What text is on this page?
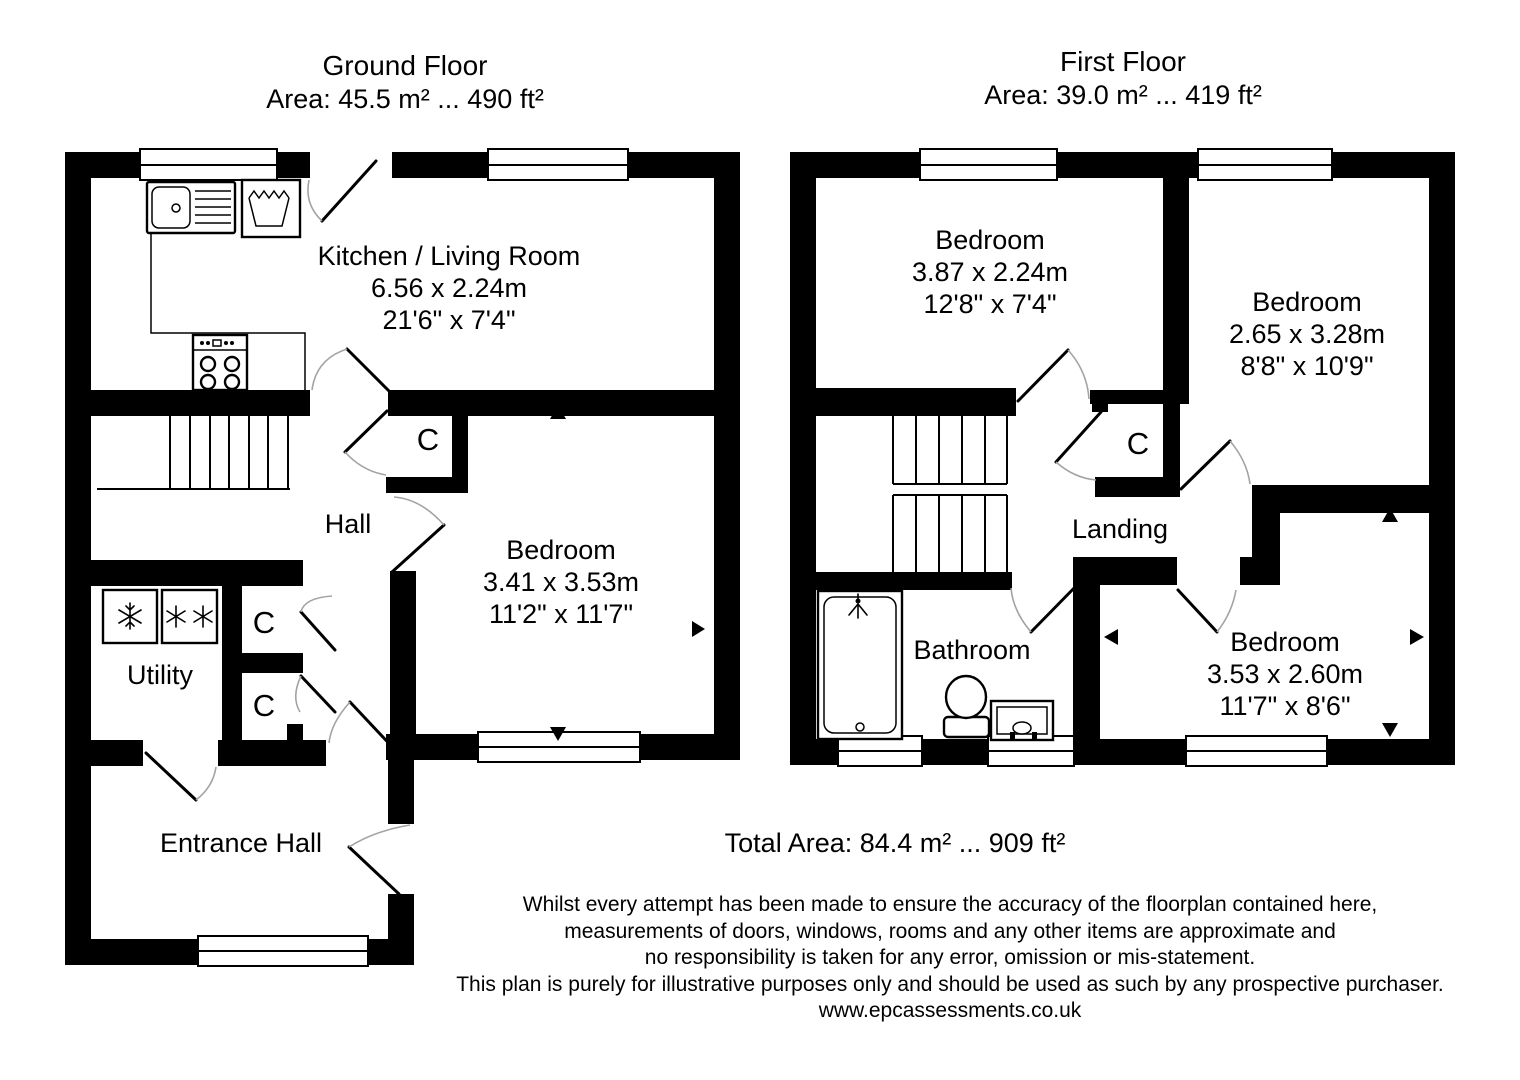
Ground Floor
Area: 45.5 m² ... 490 ft²
Kitchen / Living Room
6.56 x 2.24m
21'6" x 7'4"
Hall
C
Bedroom
3.41 x 3.53m
11'2" x 11'7"
Utility
C
C
Entrance Hall
First Floor
Area: 39.0 m² ... 419 ft²
Bedroom
3.87 x 2.24m
12'8" x 7'4"	Bedroom
2.65 x 3.28m
8'8" x 10'9"
C
Landing
Bathroom	Bedroom
3.53 x 2.60m
11'7" x 8'6"
Total Area: 84.4 m² ... 909 ft²
Whilst every attempt has been made to ensure the accuracy of the floorplan contained here,
measurements of doors, windows, rooms and any other items are approximate and
no responsibility is taken for any error, omission or mis-statement.
This plan is purely for illustrative purposes only and should be used as such by any prospective purchaser.
www.epcassessments.co.uk
